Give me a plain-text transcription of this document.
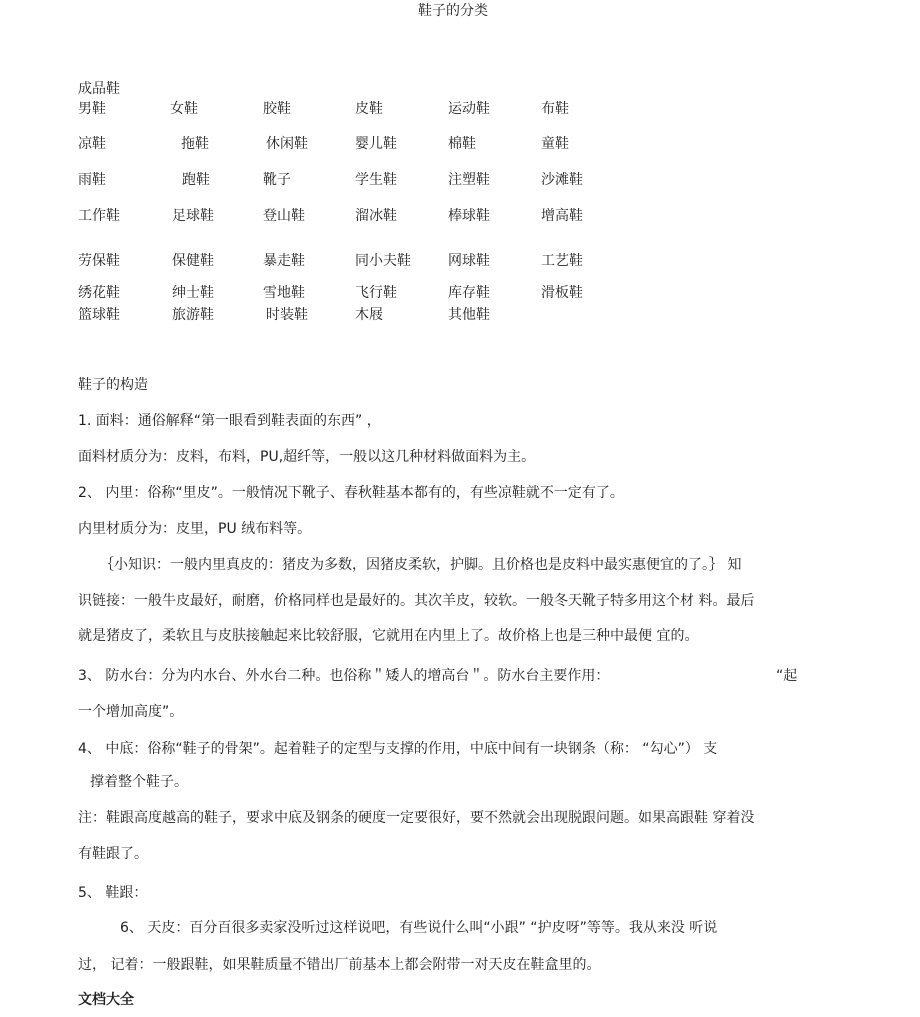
鞋子的分类
成品鞋
男鞋	女鞋	胶鞋	皮鞋	运动鞋	布鞋
凉鞋	拖鞋	休闲鞋	婴儿鞋	棉鞋	童鞋
雨鞋	跑鞋	靴子	学生鞋	注塑鞋	沙滩鞋
工作鞋	足球鞋	登山鞋	溜冰鞋	棒球鞋	增高鞋
劳保鞋	保健鞋	暴走鞋	同小夫鞋	网球鞋	工艺鞋
绣花鞋	绅士鞋	雪地鞋	飞行鞋	库存鞋	滑板鞋
篮球鞋	旅游鞋	时装鞋	木屐	其他鞋
鞋子的构造
1. 面料：通俗解释“第一眼看到鞋表面的东西” ，
面料材质分为：皮料，布料，PU,超纤等，一般以这几种材料做面料为主。
2、 内里：俗称“里皮”。一般情况下靴子、春秋鞋基本都有的，有些凉鞋就不一定有了。
内里材质分为：皮里，PU 绒布料等。
｛小知识：一般内里真皮的：猪皮为多数，因猪皮柔软，护脚。且价格也是皮料中最实惠便宜的了。｝ 知
识链接：一般牛皮最好，耐磨，价格同样也是最好的。其次羊皮，较软。一般冬天靴子特多用这个材 料。最后
就是猪皮了，柔软且与皮肤接触起来比较舒服，它就用在内里上了。故价格上也是三种中最便 宜的。
3、 防水台：分为内水台、外水台二种。也俗称＂矮人的增高台＂。防水台主要作用：	“起
一个增加高度”。
4、 中底：俗称“鞋子的骨架”。起着鞋子的定型与支撑的作用，中底中间有一块钢条（称： “勾心”） 支
撑着整个鞋子。
注：鞋跟高度越高的鞋子，要求中底及钢条的硬度一定要很好，要不然就会出现脱跟问题。如果高跟鞋 穿着没
有鞋跟了。
5、 鞋跟：
6、 天皮：百分百很多卖家没听过这样说吧，有些说什么叫“小跟” “护皮呀”等等。我从来没 听说
过， 记着：一般跟鞋，如果鞋质量不错出厂前基本上都会附带一对天皮在鞋盒里的。
文档大全
